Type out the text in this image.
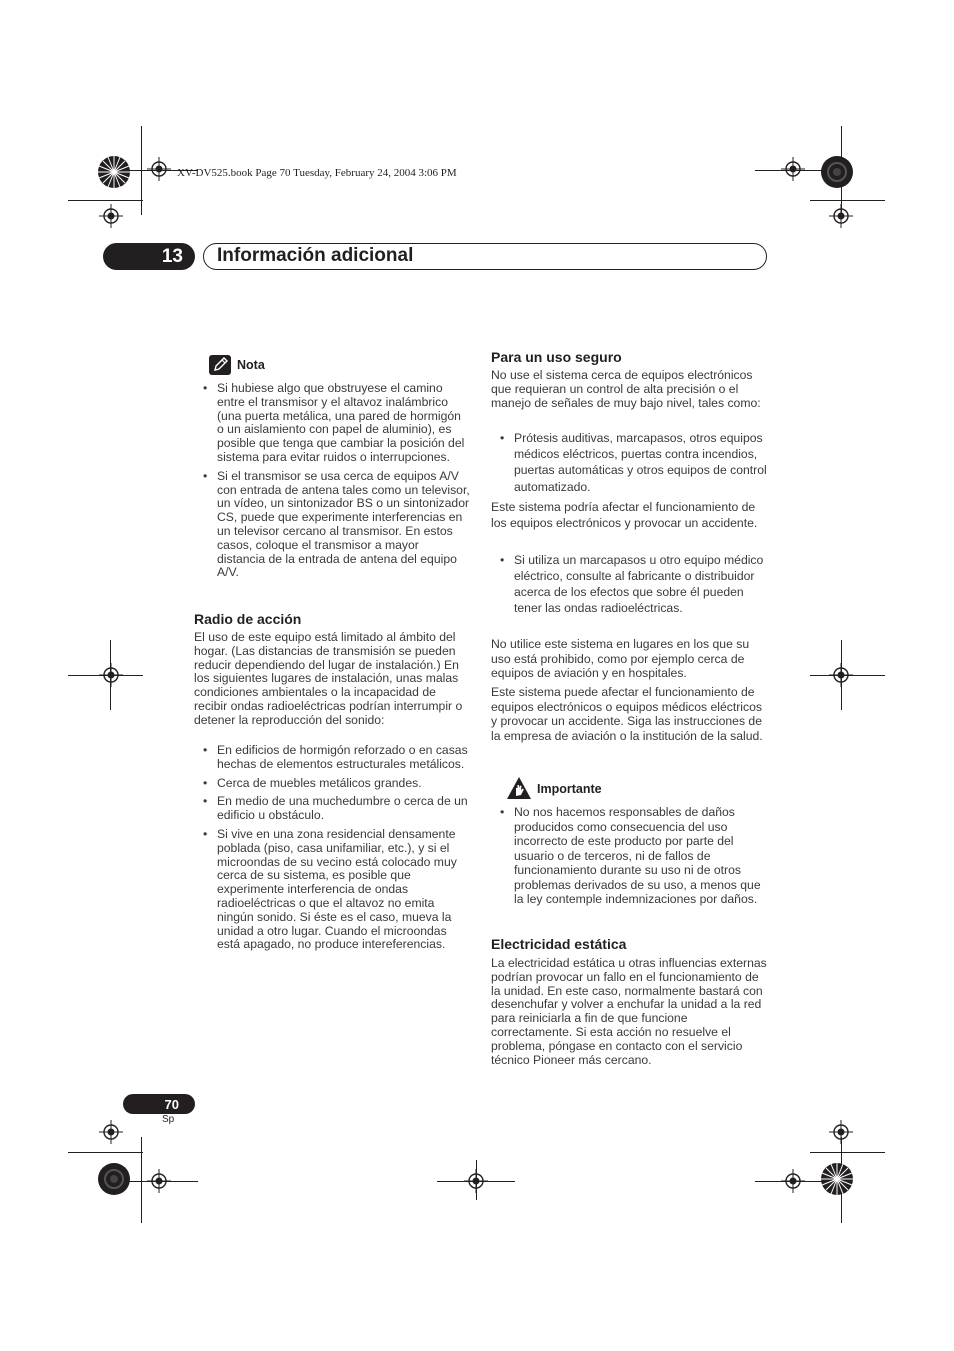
XV-DV525.book Page 70 Tuesday, February 24, 2004 3:06 PM
13	Información adicional
Nota
• Si hubiese algo que obstruyese el camino entre el transmisor y el altavoz inalámbrico (una puerta metálica, una pared de hormigón o un aislamiento con papel de aluminio), es posible que tenga que cambiar la posición del sistema para evitar ruidos o interrupciones.
• Si el transmisor se usa cerca de equipos A/V con entrada de antena tales como un televisor, un vídeo, un sintonizador BS o un sintonizador CS, puede que experimente interferencias en un televisor cercano al transmisor. En estos casos, coloque el transmisor a mayor distancia de la entrada de antena del equipo A/V.
Radio de acción
El uso de este equipo está limitado al ámbito del hogar. (Las distancias de transmisión se pueden reducir dependiendo del lugar de instalación.) En los siguientes lugares de instalación, unas malas condiciones ambientales o la incapacidad de recibir ondas radioeléctricas podrían interrumpir o detener la reproducción del sonido:
• En edificios de hormigón reforzado o en casas hechas de elementos estructurales metálicos.
• Cerca de muebles metálicos grandes.
• En medio de una muchedumbre o cerca de un edificio u obstáculo.
• Si vive en una zona residencial densamente poblada (piso, casa unifamiliar, etc.), y si el microondas de su vecino está colocado muy cerca de su sistema, es posible que experimente interferencia de ondas radioeléctricas o que el altavoz no emita ningún sonido. Si éste es el caso, mueva la unidad a otro lugar. Cuando el microondas está apagado, no produce intereferencias.
Para un uso seguro
No use el sistema cerca de equipos electrónicos que requieran un control de alta precisión o el manejo de señales de muy bajo nivel, tales como:
• Prótesis auditivas, marcapasos, otros equipos médicos eléctricos, puertas contra incendios, puertas automáticas y otros equipos de control automatizado.
Este sistema podría afectar el funcionamiento de los equipos electrónicos y provocar un accidente.
• Si utiliza un marcapasos u otro equipo médico eléctrico, consulte al fabricante o distribuidor acerca de los efectos que sobre él pueden tener las ondas radioeléctricas.
No utilice este sistema en lugares en los que su uso está prohibido, como por ejemplo cerca de equipos de aviación y en hospitales.
Este sistema puede afectar el funcionamiento de equipos electrónicos o equipos médicos eléctricos y provocar un accidente. Siga las instrucciones de la empresa de aviación o la institución de la salud.
Importante
• No nos hacemos responsables de daños producidos como consecuencia del uso incorrecto de este producto por parte del usuario o de terceros, ni de fallos de funcionamiento durante su uso ni de otros problemas derivados de su uso, a menos que la ley contemple indemnizaciones por daños.
Electricidad estática
La electricidad estática u otras influencias externas podrían provocar un fallo en el funcionamiento de la unidad. En este caso, normalmente bastará con desenchufar y volver a enchufar la unidad a la red para reiniciarla a fin de que funcione correctamente. Si esta acción no resuelve el problema, póngase en contacto con el servicio técnico Pioneer más cercano.
70
Sp
